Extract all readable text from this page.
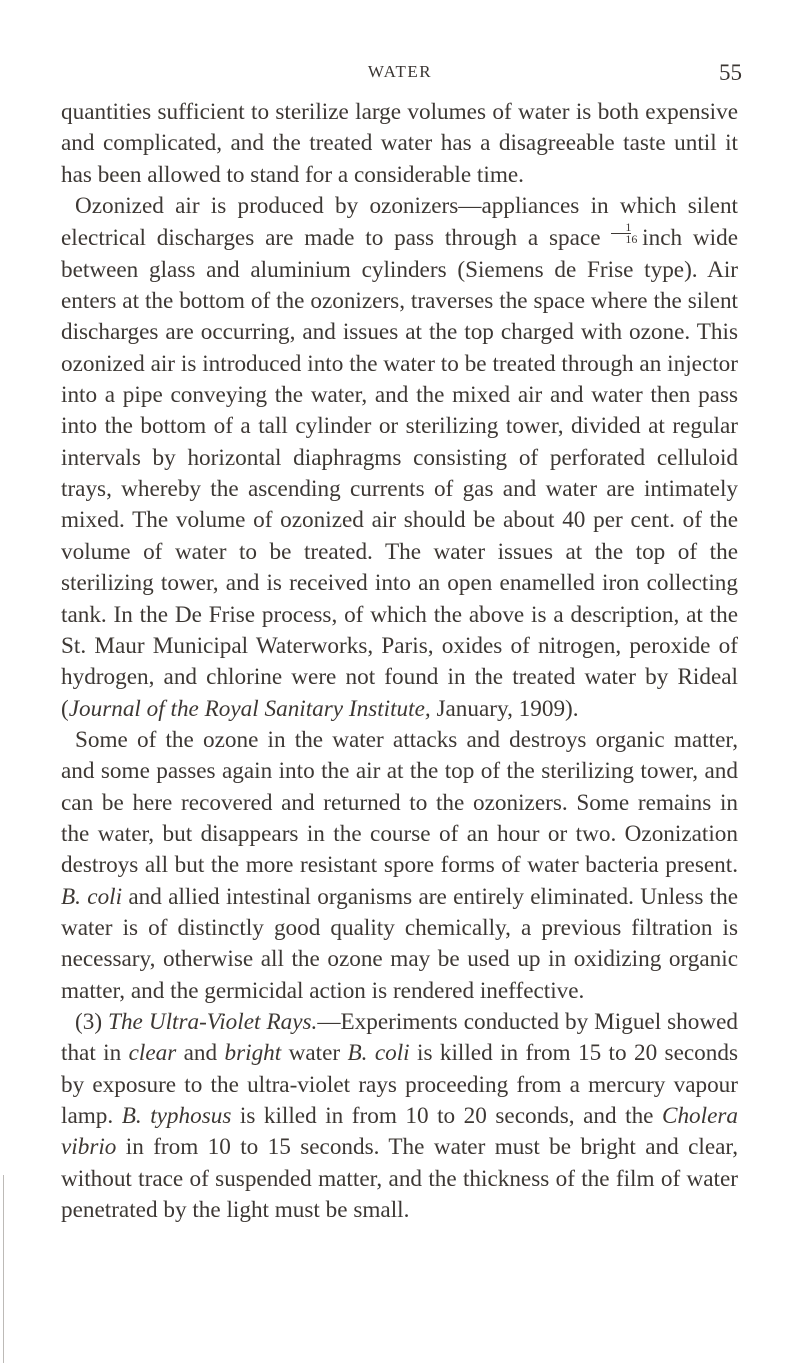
WATER	55

quantities sufficient to sterilize large volumes of water is both expensive and complicated, and the treated water has a disagreeable taste until it has been allowed to stand for a considerable time.

Ozonized air is produced by ozonizers—appliances in which silent electrical discharges are made to pass through a space $\frac{1}{16}$ inch wide between glass and aluminium cylinders (Siemens de Frise type). Air enters at the bottom of the ozonizers, traverses the space where the silent discharges are occurring, and issues at the top charged with ozone. This ozonized air is introduced into the water to be treated through an injector into a pipe conveying the water, and the mixed air and water then pass into the bottom of a tall cylinder or sterilizing tower, divided at regular intervals by horizontal diaphragms consisting of perforated celluloid trays, whereby the ascending currents of gas and water are intimately mixed. The volume of ozonized air should be about 40 per cent. of the volume of water to be treated. The water issues at the top of the sterilizing tower, and is received into an open enamelled iron collecting tank. In the De Frise process, of which the above is a description, at the St. Maur Municipal Waterworks, Paris, oxides of nitrogen, peroxide of hydrogen, and chlorine were not found in the treated water by Rideal (Journal of the Royal Sanitary Institute, January, 1909).

Some of the ozone in the water attacks and destroys organic matter, and some passes again into the air at the top of the sterilizing tower, and can be here recovered and returned to the ozonizers. Some remains in the water, but disappears in the course of an hour or two. Ozonization destroys all but the more resistant spore forms of water bacteria present. B. coli and allied intestinal organisms are entirely eliminated. Unless the water is of distinctly good quality chemically, a previous filtration is necessary, otherwise all the ozone may be used up in oxidizing organic matter, and the germicidal action is rendered ineffective.

(3) The Ultra-Violet Rays.—Experiments conducted by Miguel showed that in clear and bright water B. coli is killed in from 15 to 20 seconds by exposure to the ultra-violet rays proceeding from a mercury vapour lamp. B. typhosus is killed in from 10 to 20 seconds, and the Cholera vibrio in from 10 to 15 seconds. The water must be bright and clear, without trace of suspended matter, and the thickness of the film of water penetrated by the light must be small.
